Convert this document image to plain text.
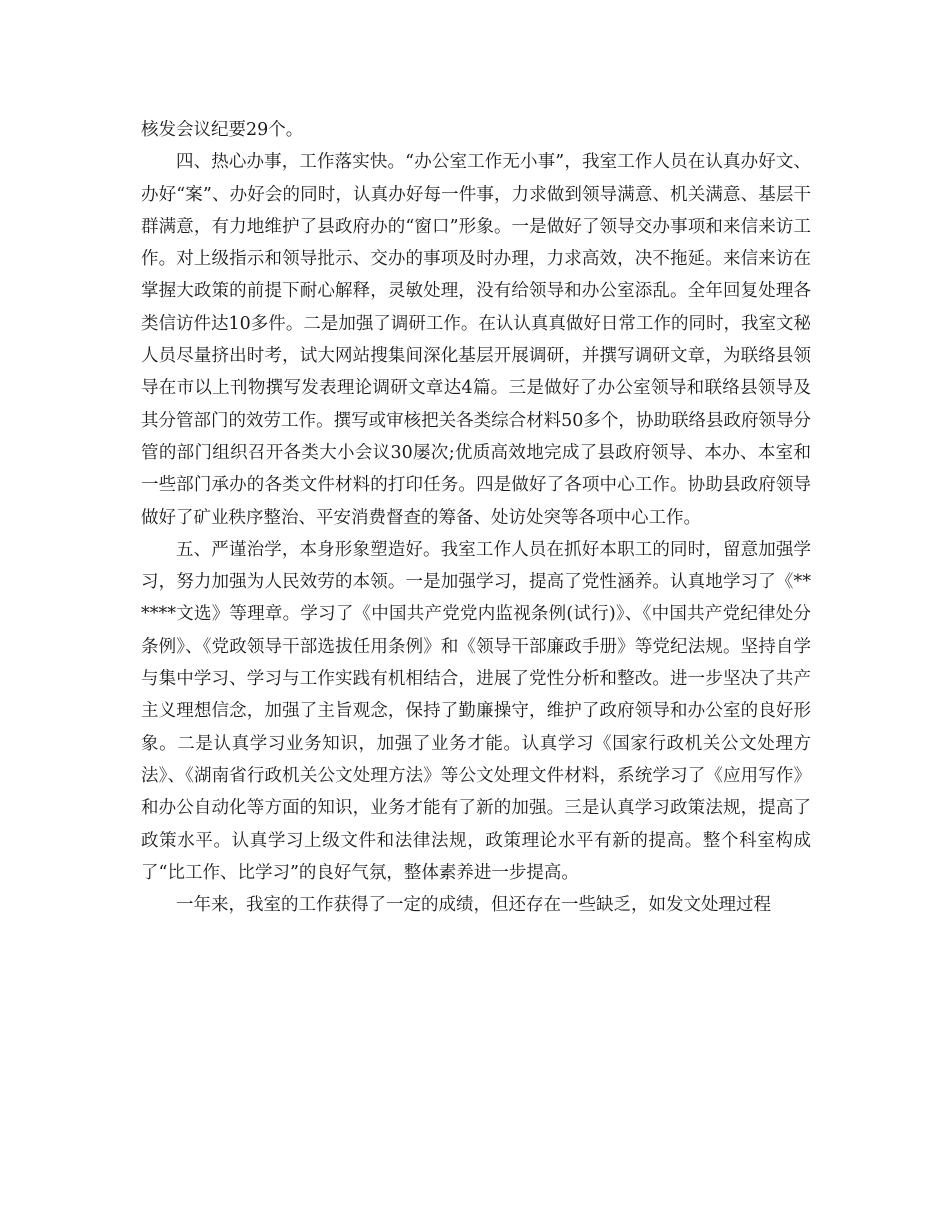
核发会议纪要29个。

四、热心办事，工作落实快。“办公室工作无小事”，我室工作人员在认真办好文、办好“案”、办好会的同时，认真办好每一件事，力求做到领导满意、机关满意、基层干群满意，有力地维护了县政府办的“窗口”形象。一是做好了领导交办事项和来信来访工作。对上级指示和领导批示、交办的事项及时办理，力求高效，决不拖延。来信来访在掌握大政策的前提下耐心解释，灵敏处理，没有给领导和办公室添乱。全年回复处理各类信访件达10多件。二是加强了调研工作。在认认真真做好日常工作的同时，我室文秘人员尽量挤出时考，试大网站搜集间深化基层开展调研，并撰写调研文章，为联络县领导在市以上刊物撰写发表理论调研文章达4篇。三是做好了办公室领导和联络县领导及其分管部门的效劳工作。撰写或审核把关各类综合材料50多个，协助联络县政府领导分管的部门组织召开各类大小会议30屡次;优质高效地完成了县政府领导、本办、本室和一些部门承办的各类文件材料的打印任务。四是做好了各项中心工作。协助县政府领导做好了矿业秩序整治、平安消费督查的筹备、处访处突等各项中心工作。

五、严谨治学，本身形象塑造好。我室工作人员在抓好本职工的同时，留意加强学习，努力加强为人民效劳的本领。一是加强学习，提高了党性涵养。认真地学习了《******文选》等理章。学习了《中国共产党党内监视条例(试行)》、《中国共产党纪律处分条例》、《党政领导干部选拔任用条例》和《领导干部廉政手册》等党纪法规。坚持自学与集中学习、学习与工作实践有机相结合，进展了党性分析和整改。进一步坚决了共产主义理想信念，加强了主旨观念，保持了勤廉操守，维护了政府领导和办公室的良好形象。二是认真学习业务知识，加强了业务才能。认真学习《国家行政机关公文处理方法》、《湖南省行政机关公文处理方法》等公文处理文件材料，系统学习了《应用写作》和办公自动化等方面的知识，业务才能有了新的加强。三是认真学习政策法规，提高了政策水平。认真学习上级文件和法律法规，政策理论水平有新的提高。整个科室构成了“比工作、比学习”的良好气氛，整体素养进一步提高。

一年来，我室的工作获得了一定的成绩，但还存在一些缺乏，如发文处理过程
